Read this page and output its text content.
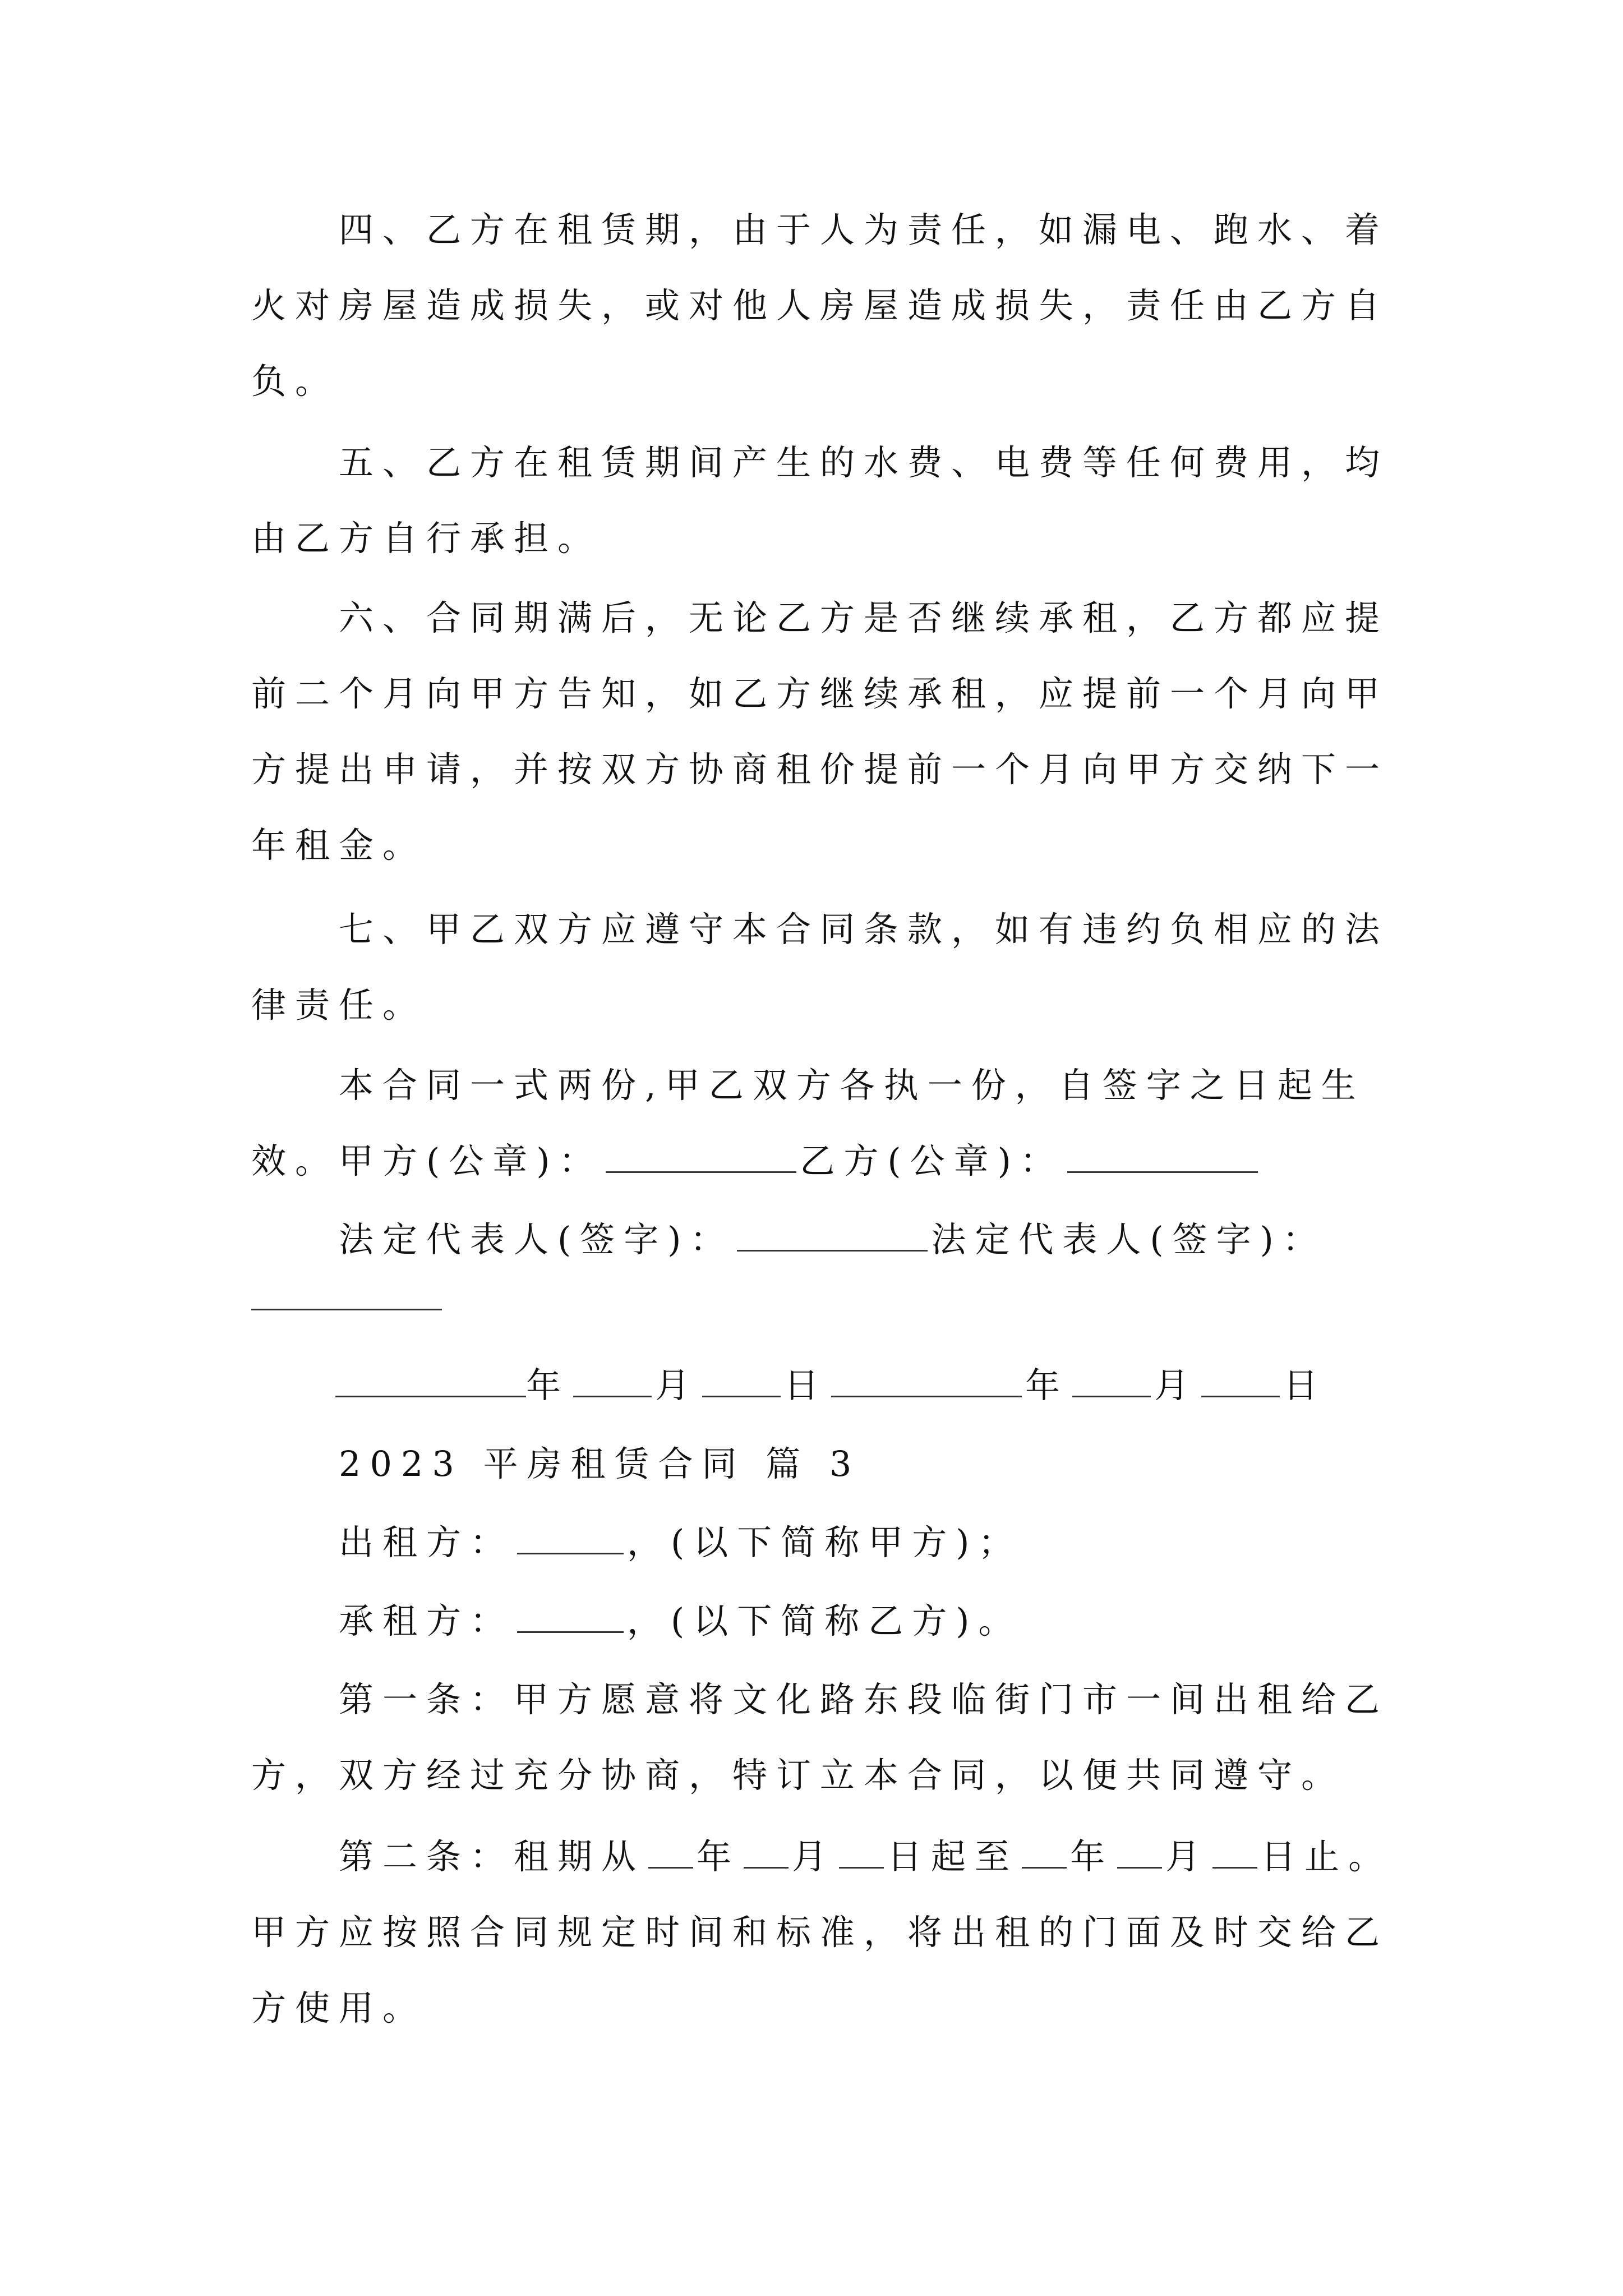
　　四、乙方在租赁期，由于人为责任，如漏电、跑水、着
火对房屋造成损失，或对他人房屋造成损失，责任由乙方自
负。
　　五、乙方在租赁期间产生的水费、电费等任何费用，均
由乙方自行承担。
　　六、合同期满后，无论乙方是否继续承租，乙方都应提
前二个月向甲方告知，如乙方继续承租，应提前一个月向甲
方提出申请，并按双方协商租价提前一个月向甲方交纳下一
年租金。
　　七、甲乙双方应遵守本合同条款，如有违约负相应的法
律责任。
　　本合同一式两份,甲乙双方各执一份，自签字之日起生
效。甲方(公章)：	乙方(公章)：
　　法定代表人(签字)：	法定代表人(签字)：
年 月 日	年 月 日
　　2023 平房租赁合同 篇 3
　　出租方：	，(以下简称甲方)；
　　承租方：	，(以下简称乙方)。
　　第一条：甲方愿意将文化路东段临街门市一间出租给乙
方，双方经过充分协商，特订立本合同，以便共同遵守。
　　第二条：租期从 年 月 日起至 年 月 日止。
甲方应按照合同规定时间和标准，将出租的门面及时交给乙
方使用。
